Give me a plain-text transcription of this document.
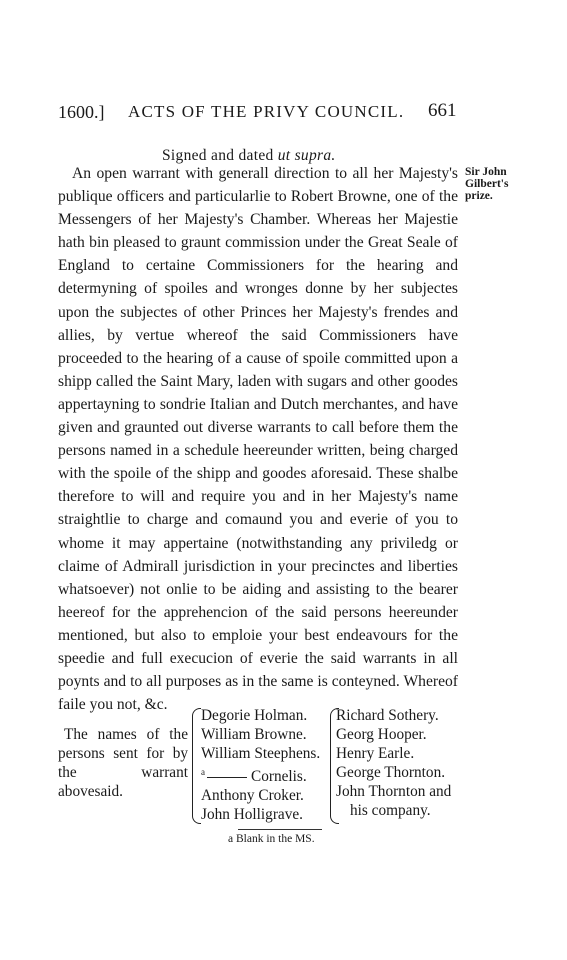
1600.] ACTS OF THE PRIVY COUNCIL. 661
Signed and dated ut supra.
Sir John
Gilbert's
prize.
An open warrant with generall direction to all her Majesty's publique officers and particularlie to Robert Browne, one of the Messengers of her Majesty's Chamber. Whereas her Majestie hath bin pleased to graunt commission under the Great Seale of England to certaine Commissioners for the hearing and determyning of spoiles and wronges donne by her subjectes upon the subjectes of other Princes her Majesty's frendes and allies, by vertue whereof the said Commissioners have proceeded to the hearing of a cause of spoile committed upon a shipp called the Saint Mary, laden with sugars and other goodes appertayning to sondrie Italian and Dutch merchantes, and have given and graunted out diverse warrants to call before them the persons named in a schedule heereunder written, being charged with the spoile of the shipp and goodes aforesaid. These shalbe therefore to will and require you and in her Majesty's name straightlie to charge and comaund you and everie of you to whome it may appertaine (notwithstanding any priviledg or claime of Admirall jurisdiction in your precinctes and liberties whatsoever) not onlie to be aiding and assisting to the bearer heereof for the apprehencion of the said persons heereunder mentioned, but also to emploie your best endeavours for the speedie and full execucion of everie the said warrants in all poynts and to all purposes as in the same is conteyned. Whereof faile you not, &c.
The names of the persons sent for by the warrant abovesaid.
Degorie Holman.
William Browne.
William Steephens.
$^a$	Cornelis.
Anthony Croker.
John Holligrave.
Richard Sothery.
Georg Hooper.
Henry Earle.
George Thornton.
John Thornton and
his company.
a Blank in the MS.
